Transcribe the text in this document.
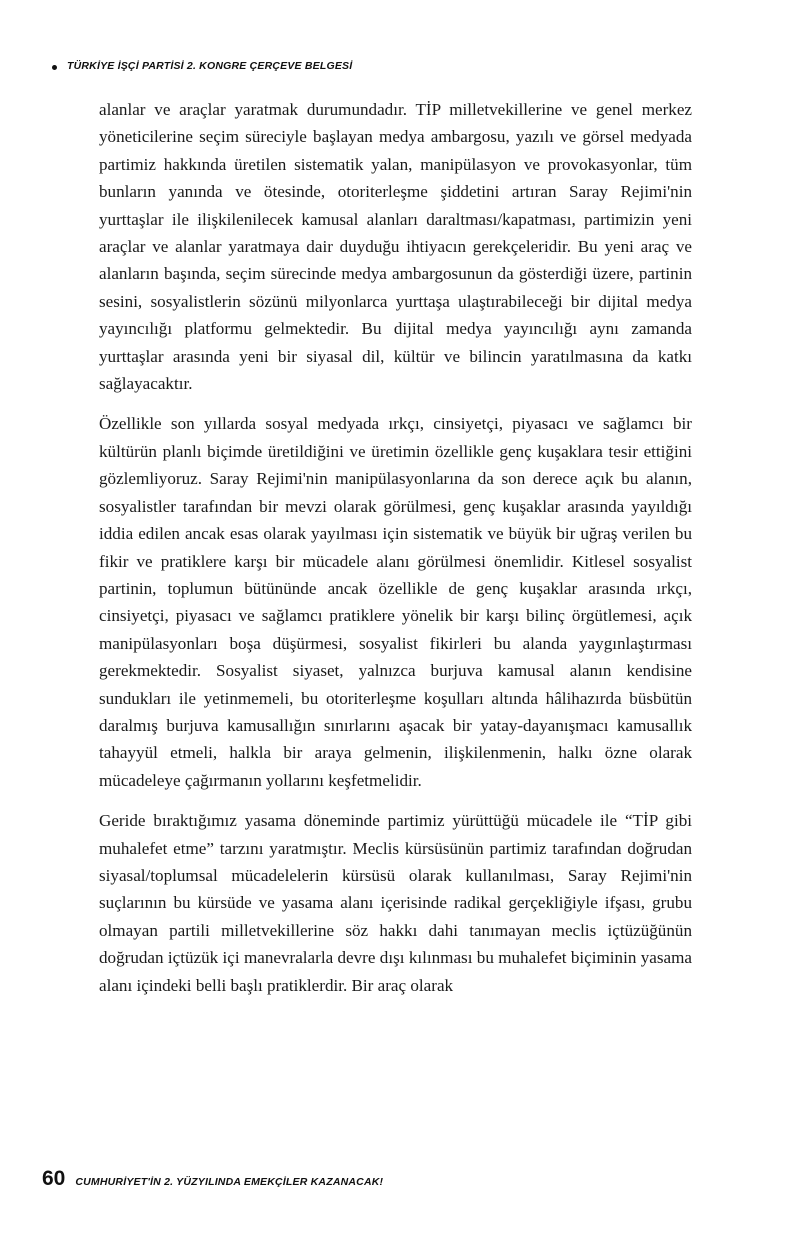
TÜRKİYE İŞÇİ PARTİSİ 2. KONGRE ÇERÇEVE BELGESİ

alanlar ve araçlar yaratmak durumundadır. TİP milletvekillerine ve genel merkez yöneticilerine seçim süreciyle başlayan medya ambargosu, yazılı ve görsel medyada partimiz hakkında üretilen sistematik yalan, manipülasyon ve provokasyonlar, tüm bunların yanında ve ötesinde, otoriterleşme şiddetini artıran Saray Rejimi'nin yurttaşlar ile ilişkilenilecek kamusal alanları daraltması/kapatması, partimizin yeni araçlar ve alanlar yaratmaya dair duyduğu ihtiyacın gerekçeleridir. Bu yeni araç ve alanların başında, seçim sürecinde medya ambargosunun da gösterdiği üzere, partinin sesini, sosyalistlerin sözünü milyonlarca yurttaşa ulaştırabileceği bir dijital medya yayıncılığı platformu gelmektedir. Bu dijital medya yayıncılığı aynı zamanda yurttaşlar arasında yeni bir siyasal dil, kültür ve bilincin yaratılmasına da katkı sağlayacaktır.

Özellikle son yıllarda sosyal medyada ırkçı, cinsiyetçi, piyasacı ve sağlamcı bir kültürün planlı biçimde üretildiğini ve üretimin özellikle genç kuşaklara tesir ettiğini gözlemliyoruz. Saray Rejimi'nin manipülasyonlarına da son derece açık bu alanın, sosyalistler tarafından bir mevzi olarak görülmesi, genç kuşaklar arasında yayıldığı iddia edilen ancak esas olarak yayılması için sistematik ve büyük bir uğraş verilen bu fikir ve pratiklere karşı bir mücadele alanı görülmesi önemlidir. Kitlesel sosyalist partinin, toplumun bütününde ancak özellikle de genç kuşaklar arasında ırkçı, cinsiyetçi, piyasacı ve sağlamcı pratiklere yönelik bir karşı bilinç örgütlemesi, açık manipülasyonları boşa düşürmesi, sosyalist fikirleri bu alanda yaygınlaştırması gerekmektedir. Sosyalist siyaset, yalnızca burjuva kamusal alanın kendisine sundukları ile yetinmemeli, bu otoriterleşme koşulları altında hâlihazırda büsbütün daralmış burjuva kamusallığın sınırlarını aşacak bir yatay-dayanışmacı kamusallık tahayyül etmeli, halkla bir araya gelmenin, ilişkilenmenin, halkı özne olarak mücadeleye çağırmanın yollarını keşfetmelidir.

Geride bıraktığımız yasama döneminde partimiz yürüttüğü mücadele ile “TİP gibi muhalefet etme” tarzını yaratmıştır. Meclis kürsüsünün partimiz tarafından doğrudan siyasal/toplumsal mücadelelerin kürsüsü olarak kullanılması, Saray Rejimi'nin suçlarının bu kürsüde ve yasama alanı içerisinde radikal gerçekliğiyle ifşası, grubu olmayan partili milletvekillerine söz hakkı dahi tanımayan meclis içtüzüğünün doğrudan içtüzük içi manevralarla devre dışı kılınması bu muhalefet biçiminin yasama alanı içindeki belli başlı pratiklerdir. Bir araç olarak

60 CUMHURİYET'İN 2. YÜZYILINDA EMEKÇİLER KAZANACAK!
